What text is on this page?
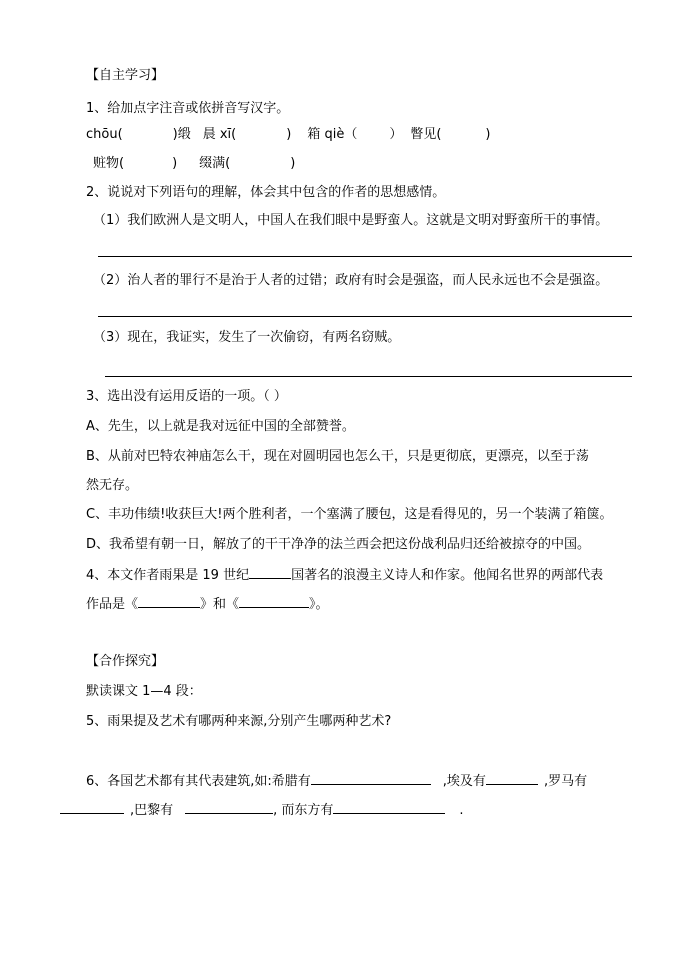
【自主学习】
1、给加点字注音或依拼音写汉字。
chōu(	)缎 晨 xī(	) 箱 qiè（ ） 瞥见(	)
赃物(	) 缀满(	)
2、说说对下列语句的理解，体会其中包含的作者的思想感情。
（1）我们欧洲人是文明人，中国人在我们眼中是野蛮人。这就是文明对野蛮所干的事情。
（2）治人者的罪行不是治于人者的过错；政府有时会是强盗，而人民永远也不会是强盗。
（3）现在，我证实，发生了一次偷窃，有两名窃贼。
3、选出没有运用反语的一项。（ ）
A、先生，以上就是我对远征中国的全部赞誉。
B、从前对巴特农神庙怎么干，现在对圆明园也怎么干，只是更彻底，更漂亮，以至于荡
然无存。
C、丰功伟绩!收获巨大!两个胜利者，一个塞满了腰包，这是看得见的，另一个装满了箱箧。
D、我希望有朝一日，解放了的干干净净的法兰西会把这份战利品归还给被掠夺的中国。
4、本文作者雨果是 19 世纪	国著名的浪漫主义诗人和作家。他闻名世界的两部代表
作品是《	》和《	》。
【合作探究】
默读课文 1—4 段：
5、雨果提及艺术有哪两种来源,分别产生哪两种艺术?
6、各国艺术都有其代表建筑,如:希腊有	,埃及有	,罗马有
,巴黎有	, 而东方有	.
